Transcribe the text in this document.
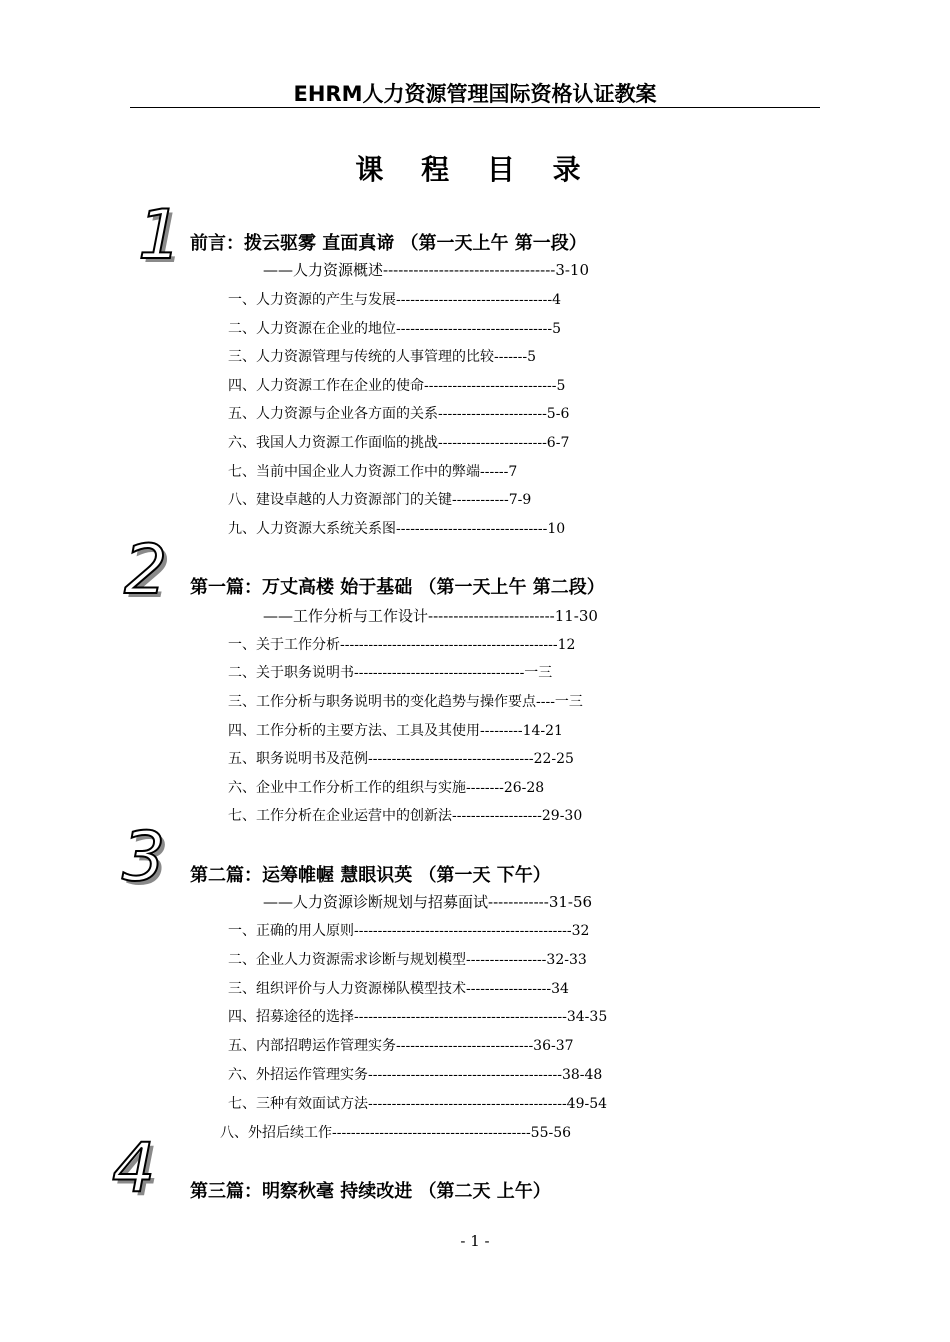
EHRM人力资源管理国际资格认证教案
课 程 目 录
1 前言：拨云驱雾 直面真谛 （第一天上午 第一段）
——人力资源概述----------------------------------3-10
一、人力资源的产生与发展---------------------------------4
二、人力资源在企业的地位---------------------------------5
三、人力资源管理与传统的人事管理的比较-------5
四、人力资源工作在企业的使命----------------------------5
五、人力资源与企业各方面的关系-----------------------5-6
六、我国人力资源工作面临的挑战-----------------------6-7
七、当前中国企业人力资源工作中的弊端------7
八、建设卓越的人力资源部门的关键------------7-9
九、人力资源大系统关系图--------------------------------10
2 第一篇：万丈高楼 始于基础 （第一天上午 第二段）
——工作分析与工作设计-------------------------11-30
一、关于工作分析----------------------------------------------12
二、关于职务说明书------------------------------------一三
三、工作分析与职务说明书的变化趋势与操作要点----一三
四、工作分析的主要方法、工具及其使用---------14-21
五、职务说明书及范例-----------------------------------22-25
六、企业中工作分析工作的组织与实施--------26-28
七、工作分析在企业运营中的创新法-------------------29-30
3 第二篇：运筹帷幄 慧眼识英 （第一天 下午）
——人力资源诊断规划与招募面试------------31-56
一、正确的用人原则----------------------------------------------32
二、企业人力资源需求诊断与规划模型-----------------32-33
三、组织评价与人力资源梯队模型技术------------------34
四、招募途径的选择---------------------------------------------34-35
五、内部招聘运作管理实务-----------------------------36-37
六、外招运作管理实务-----------------------------------------38-48
七、三种有效面试方法------------------------------------------49-54
八、外招后续工作------------------------------------------55-56
4 第三篇：明察秋毫 持续改进 （第二天 上午）
- 1 -
